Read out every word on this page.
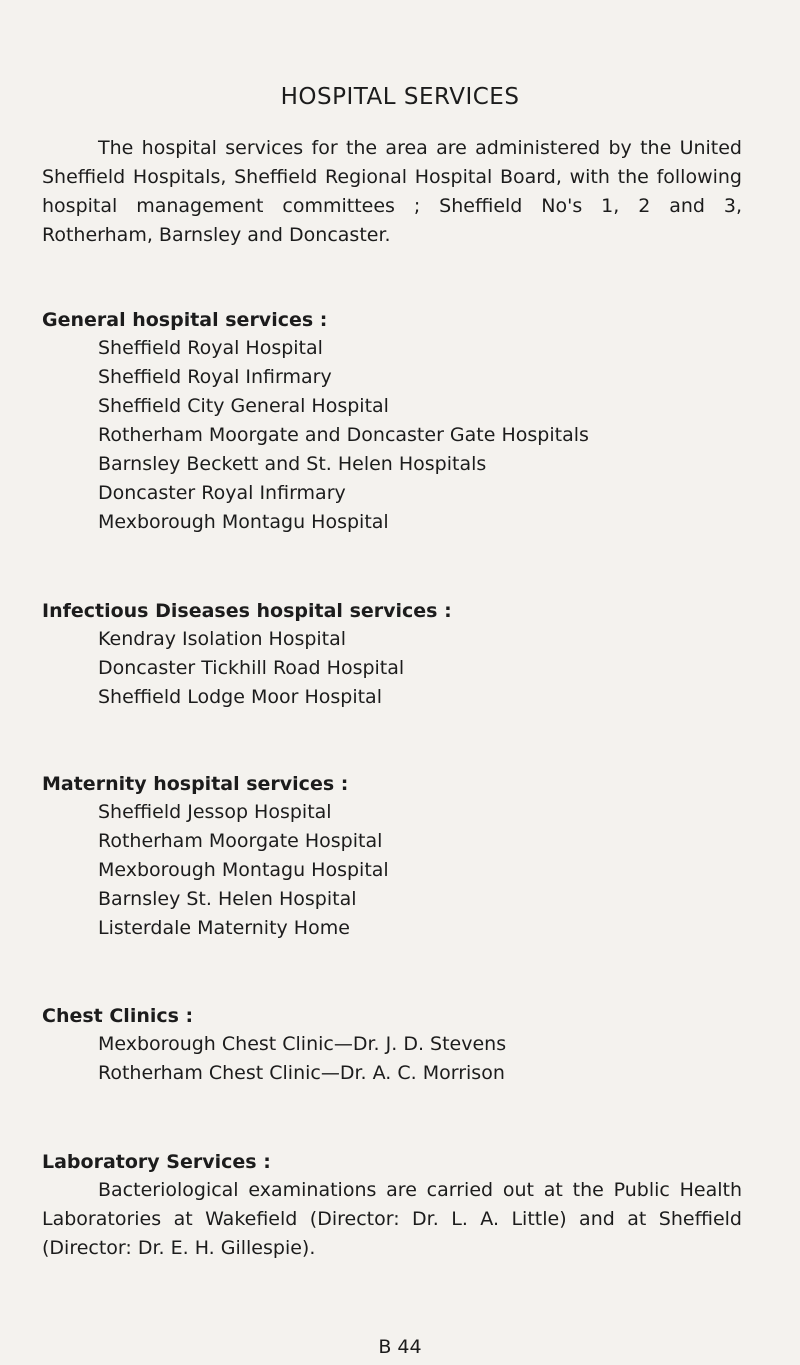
HOSPITAL SERVICES

The hospital services for the area are administered by the United Sheffield Hospitals, Sheffield Regional Hospital Board, with the following hospital management committees ; Sheffield No's 1, 2 and 3, Rotherham, Barnsley and Doncaster.

General hospital services :
Sheffield Royal Hospital
Sheffield Royal Infirmary
Sheffield City General Hospital
Rotherham Moorgate and Doncaster Gate Hospitals
Barnsley Beckett and St. Helen Hospitals
Doncaster Royal Infirmary
Mexborough Montagu Hospital
Infectious Diseases hospital services :
Kendray Isolation Hospital
Doncaster Tickhill Road Hospital
Sheffield Lodge Moor Hospital
Maternity hospital services :
Sheffield Jessop Hospital
Rotherham Moorgate Hospital
Mexborough Montagu Hospital
Barnsley St. Helen Hospital
Listerdale Maternity Home
Chest Clinics :
Mexborough Chest Clinic—Dr. J. D. Stevens
Rotherham Chest Clinic—Dr. A. C. Morrison
Laboratory Services :

Bacteriological examinations are carried out at the Public Health Laboratories at Wakefield (Director: Dr. L. A. Little) and at Sheffield (Director: Dr. E. H. Gillespie).

B 44
